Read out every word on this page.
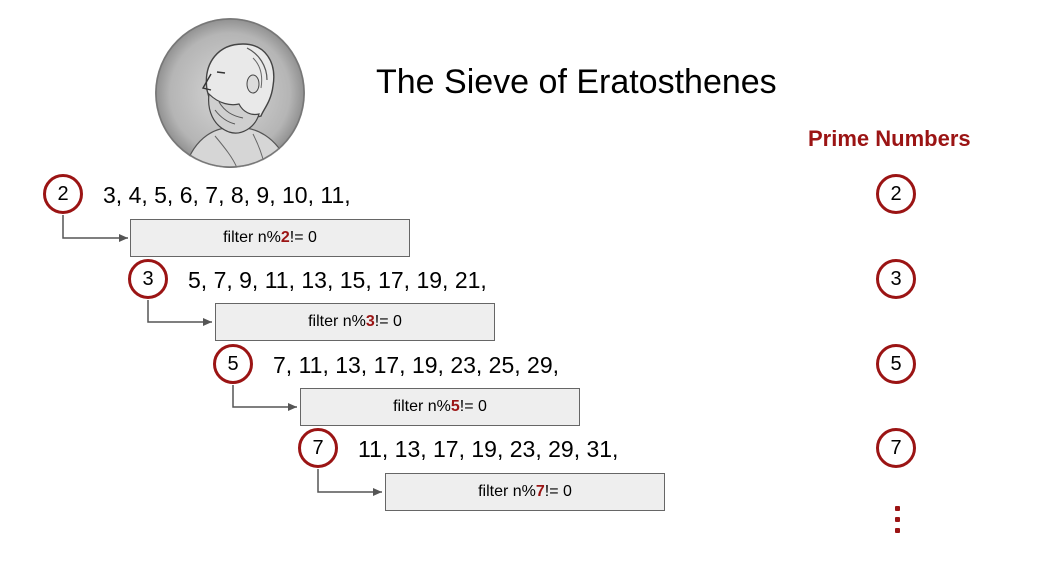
The Sieve of Eratosthenes
Prime Numbers
2	3, 4, 5, 6, 7, 8, 9, 10, 11,
filter n% 2 != 0
3	5, 7, 9, 11, 13, 15, 17, 19, 21,
filter n% 3 != 0
5	7, 11, 13, 17, 19, 23, 25, 29,
filter n% 5 != 0
7	11, 13, 17, 19, 23, 29, 31,
filter n% 7 != 0
2
3
5
7
